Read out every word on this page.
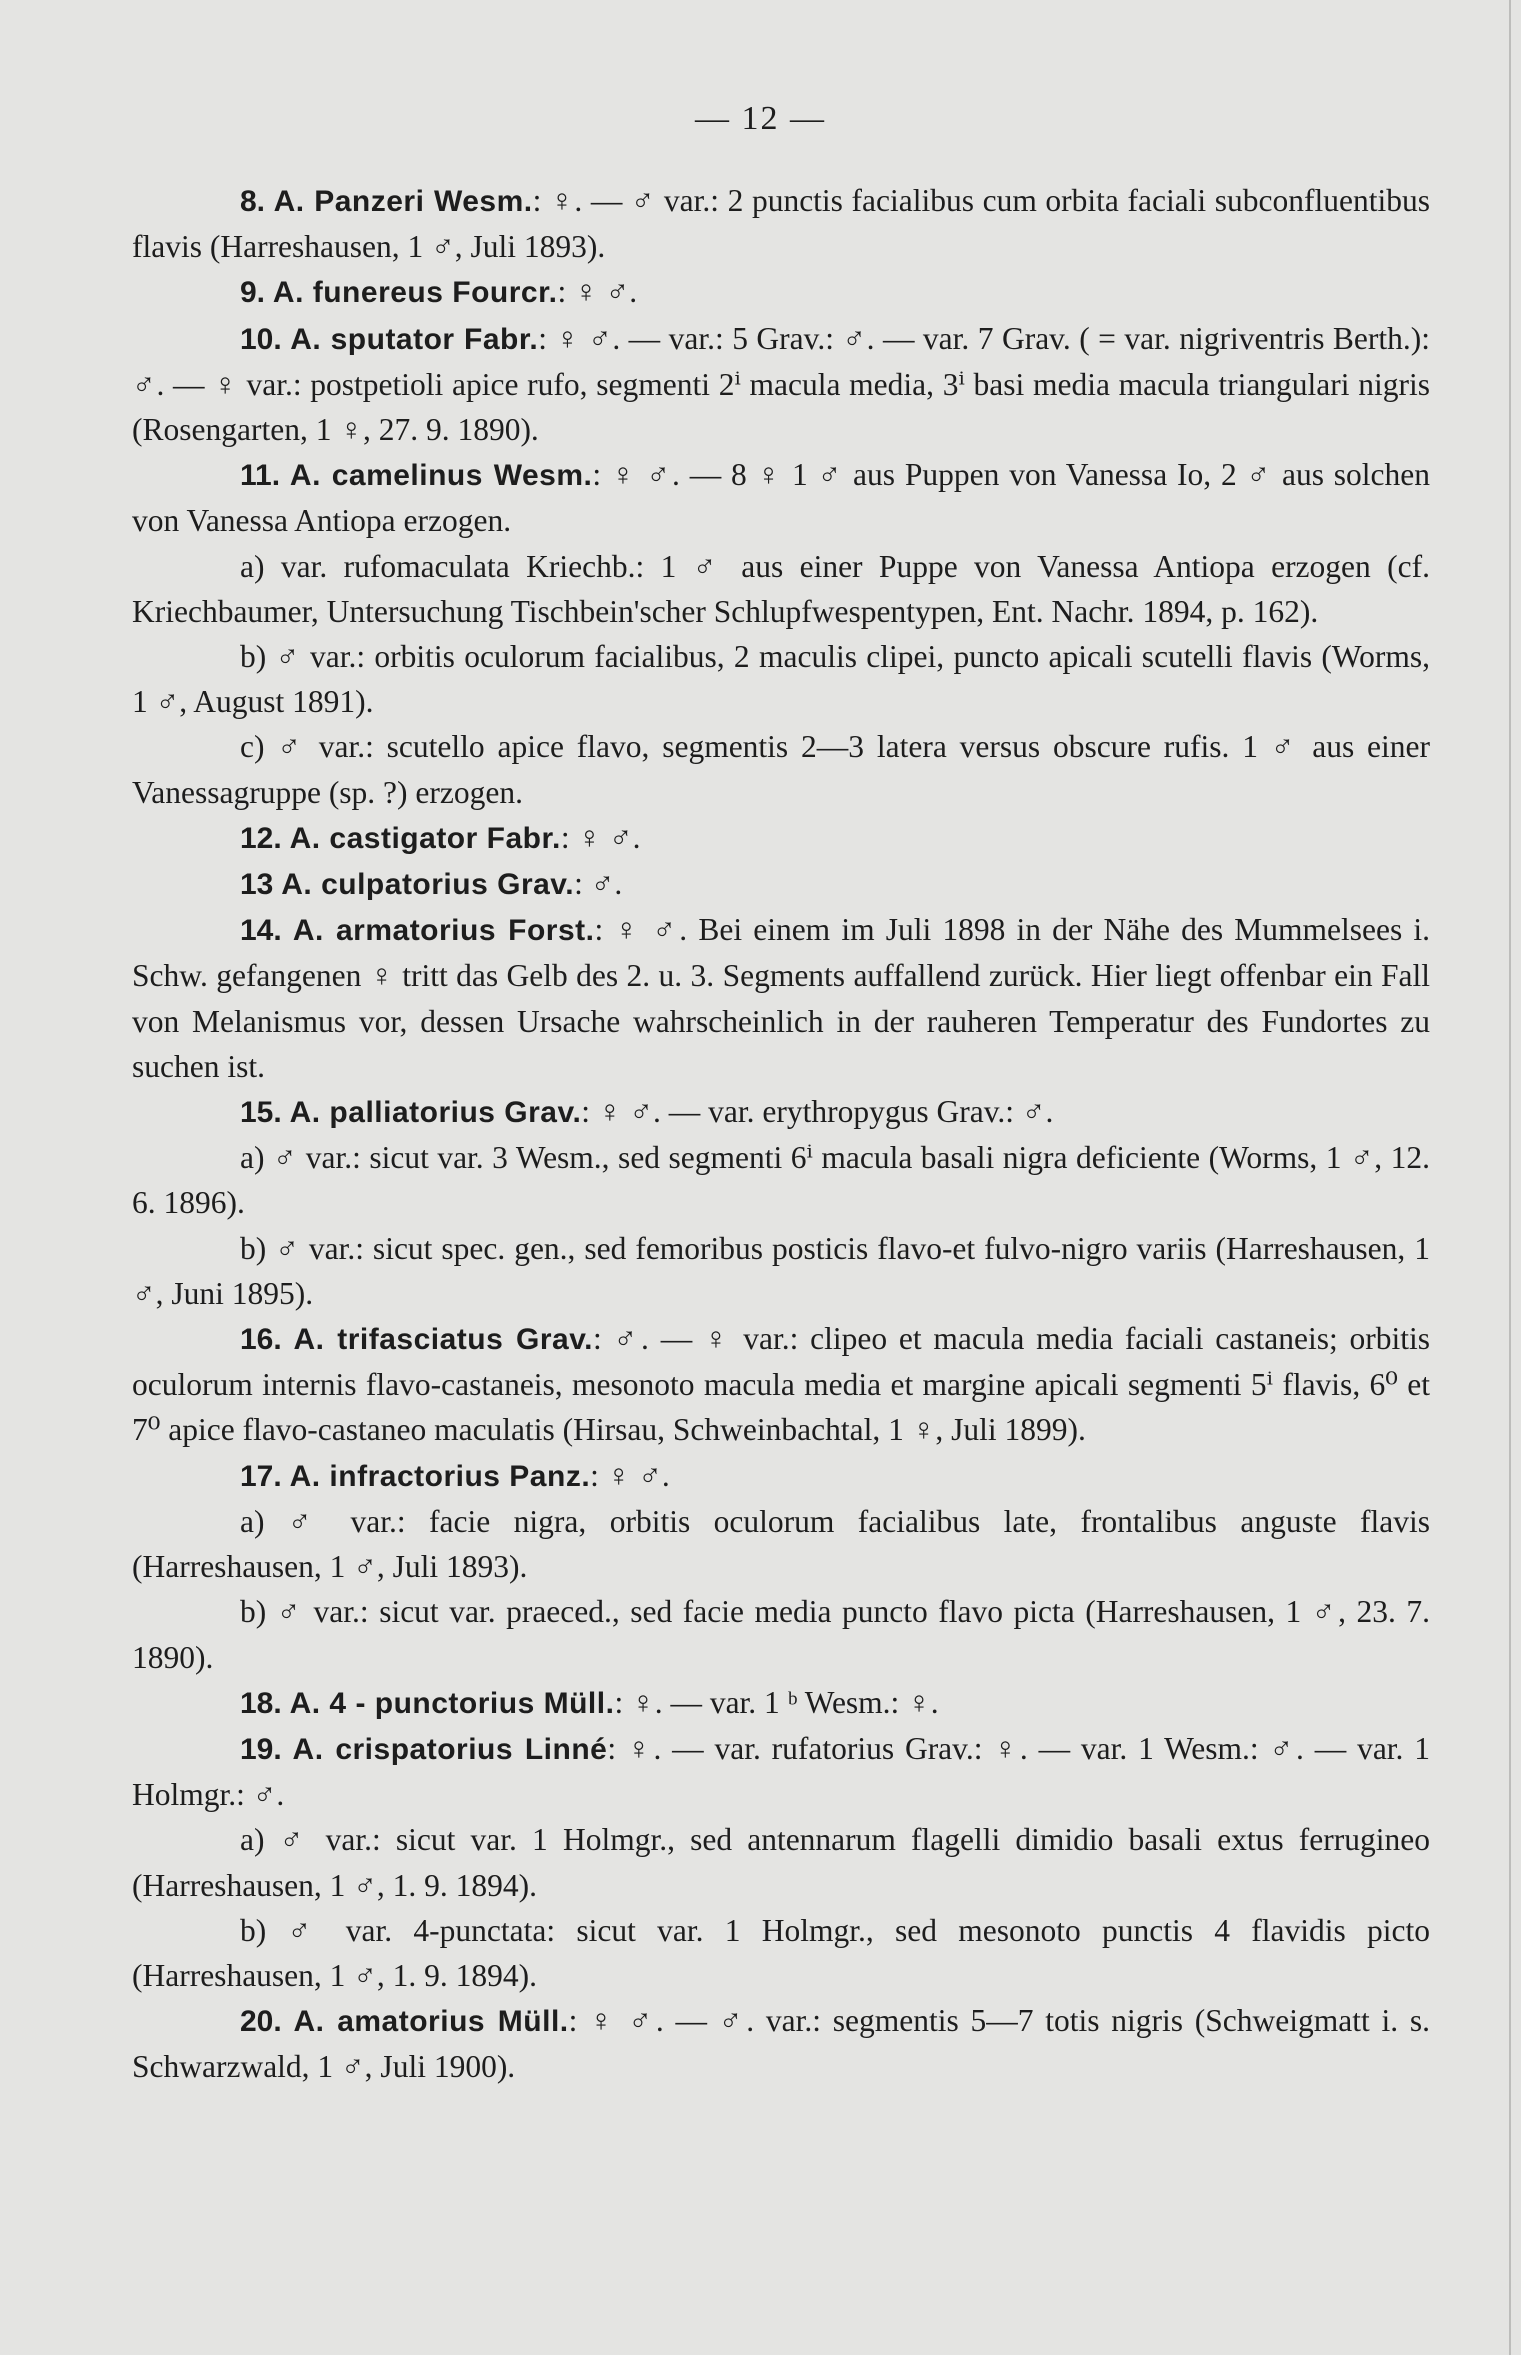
— 12 —

8. A. Panzeri Wesm.: ♀. — ♂ var.: 2 punctis facialibus cum orbita faciali subconfluentibus flavis (Harreshausen, 1 ♂, Juli 1893).

9. A. funereus Fourcr.: ♀ ♂.

10. A. sputator Fabr.: ♀ ♂. — var.: 5 Grav.: ♂. — var. 7 Grav. ( = var. nigriventris Berth.): ♂. — ♀ var.: postpetioli apice rufo, segmenti 2ⁱ macula media, 3ⁱ basi media macula triangulari nigris (Rosengarten, 1 ♀, 27. 9. 1890).

11. A. camelinus Wesm.: ♀ ♂. — 8 ♀ 1 ♂ aus Puppen von Vanessa Io, 2 ♂ aus solchen von Vanessa Antiopa erzogen.

a) var. rufomaculata Kriechb.: 1 ♂ aus einer Puppe von Vanessa Antiopa erzogen (cf. Kriechbaumer, Untersuchung Tischbein'scher Schlupfwespentypen, Ent. Nachr. 1894, p. 162).

b) ♂ var.: orbitis oculorum facialibus, 2 maculis clipei, puncto apicali scutelli flavis (Worms, 1 ♂, August 1891).

c) ♂ var.: scutello apice flavo, segmentis 2—3 latera versus obscure rufis. 1 ♂ aus einer Vanessagruppe (sp. ?) erzogen.

12. A. castigator Fabr.: ♀ ♂.

13 A. culpatorius Grav.: ♂.

14. A. armatorius Forst.: ♀ ♂. Bei einem im Juli 1898 in der Nähe des Mummelsees i. Schw. gefangenen ♀ tritt das Gelb des 2. u. 3. Segments auffallend zurück. Hier liegt offenbar ein Fall von Melanismus vor, dessen Ursache wahrscheinlich in der rauheren Temperatur des Fundortes zu suchen ist.

15. A. palliatorius Grav.: ♀ ♂. — var. erythropygus Grav.: ♂.

a) ♂ var.: sicut var. 3 Wesm., sed segmenti 6ⁱ macula basali nigra deficiente (Worms, 1 ♂, 12. 6. 1896).

b) ♂ var.: sicut spec. gen., sed femoribus posticis flavo-et fulvo-nigro variis (Harreshausen, 1 ♂, Juni 1895).

16. A. trifasciatus Grav.: ♂. — ♀ var.: clipeo et macula media faciali castaneis; orbitis oculorum internis flavo-castaneis, mesonoto macula media et margine apicali segmenti 5ⁱ flavis, 6⁰ et 7⁰ apice flavo-castaneo maculatis (Hirsau, Schweinbachtal, 1 ♀, Juli 1899).

17. A. infractorius Panz.: ♀ ♂.

a) ♂ var.: facie nigra, orbitis oculorum facialibus late, frontalibus anguste flavis (Harreshausen, 1 ♂, Juli 1893).

b) ♂ var.: sicut var. praeced., sed facie media puncto flavo picta (Harreshausen, 1 ♂, 23. 7. 1890).

18. A. 4 - punctorius Müll.: ♀. — var. 1 ᵇ Wesm.: ♀.

19. A. crispatorius Linné: ♀. — var. rufatorius Grav.: ♀. — var. 1 Wesm.: ♂. — var. 1 Holmgr.: ♂.

a) ♂ var.: sicut var. 1 Holmgr., sed antennarum flagelli dimidio basali extus ferrugineo (Harreshausen, 1 ♂, 1. 9. 1894).

b) ♂ var. 4-punctata: sicut var. 1 Holmgr., sed mesonoto punctis 4 flavidis picto (Harreshausen, 1 ♂, 1. 9. 1894).

20. A. amatorius Müll.: ♀ ♂. — ♂. var.: segmentis 5—7 totis nigris (Schweigmatt i. s. Schwarzwald, 1 ♂, Juli 1900).
